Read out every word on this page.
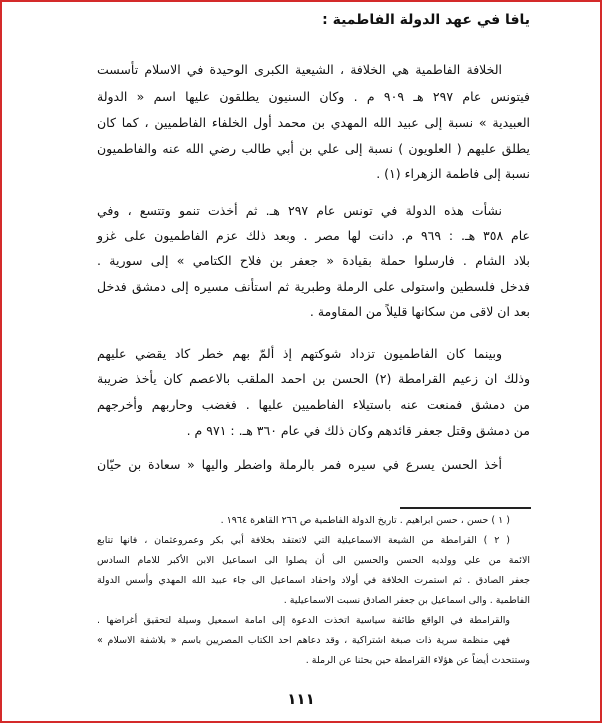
يافا في عهد الدولة الفاطمية :
الخلافة الفاطمية هي الخلافة ، الشيعية الكبرى الوحيدة في الاسلام تأسست
فيتونس عام ٢٩٧ هـ ٩٠٩ م . وكان السنيون يطلقون عليها اسم « الدولة
العبيدية » نسبة إلى عبيد الله المهدي بن محمد أول الخلفاء الفاطميين ، كما كان
يطلق عليهم ( العلويون ) نسبة إلى علي بن أبي طالب رضي الله عنه والفاطميون
نسبة إلى فاطمة الزهراء (١) .
نشأت هذه الدولة في تونس عام ٢٩٧ هـ. ثم أخذت تنمو وتتسع ، وفي
عام ٣٥٨ هـ. : ٩٦٩ م. دانت لها مصر . وبعد ذلك عزم الفاطميون على غزو
بلاد الشام . فارسلوا حملة بقيادة « جعفر بن فلاح الكتامي » إلى سورية .
فدخل فلسطين واستولى على الرملة وطبرية ثم استأنف مسيره إلى دمشق فدخل
بعد ان لاقى من سكانها قليلاً من المقاومة .
وبينما كان الفاطميون تزداد شوكتهم إذ ألمّ بهم خطر كاد يقضي عليهم
وذلك ان زعيم القرامطة (٢) الحسن بن احمد الملقب بالاعصم كان يأخذ ضريبة
من دمشق فمنعت عنه باستيلاء الفاطميين عليها . فغضب وحاربهم وأخرجهم
من دمشق وقتل جعفر قائدهم وكان ذلك في عام ٣٦٠ هـ. : ٩٧١ م .
أخذ الحسن يسرع في سيره فمر بالرملة واضطر واليها « سعادة بن حيّان
( ١ ) حسن ، حسن ابراهيم . تاريخ الدولة الفاطمية ص ٢٦٦ القاهرة ١٩٦٤ .
( ٢ ) القرامطة من الشيعة الاسماعيلية التي لاتعتقد بخلافة أبي بكر وعمروعثمان ، فانها تتابع
الائمة من علي وولديه الحسن والحسين الى أن يصلوا الى اسماعيل الابن الأكبر للامام السادس
جعفر الصادق . ثم استمرت الخلافة في أولاد واحفاد اسماعيل الى جاء عبيد الله المهدي وأسس الدولة
الفاطمية . والى اسماعيل بن جعفر الصادق نسبت الاسماعيلية .
والقرامطة في الواقع طائفة سياسية اتخذت الدعوة إلى امامة اسمعيل وسيلة لتحقيق أغراضها .
فهي منظمة سرية ذات صبغة اشتراكية ، وقد دعاهم احد الكتاب المصريين باسم « بلاشفة الاسلام »
وستتحدث أيضاً عن هؤلاء القرامطة حين بحثنا عن الرملة .
١١١
